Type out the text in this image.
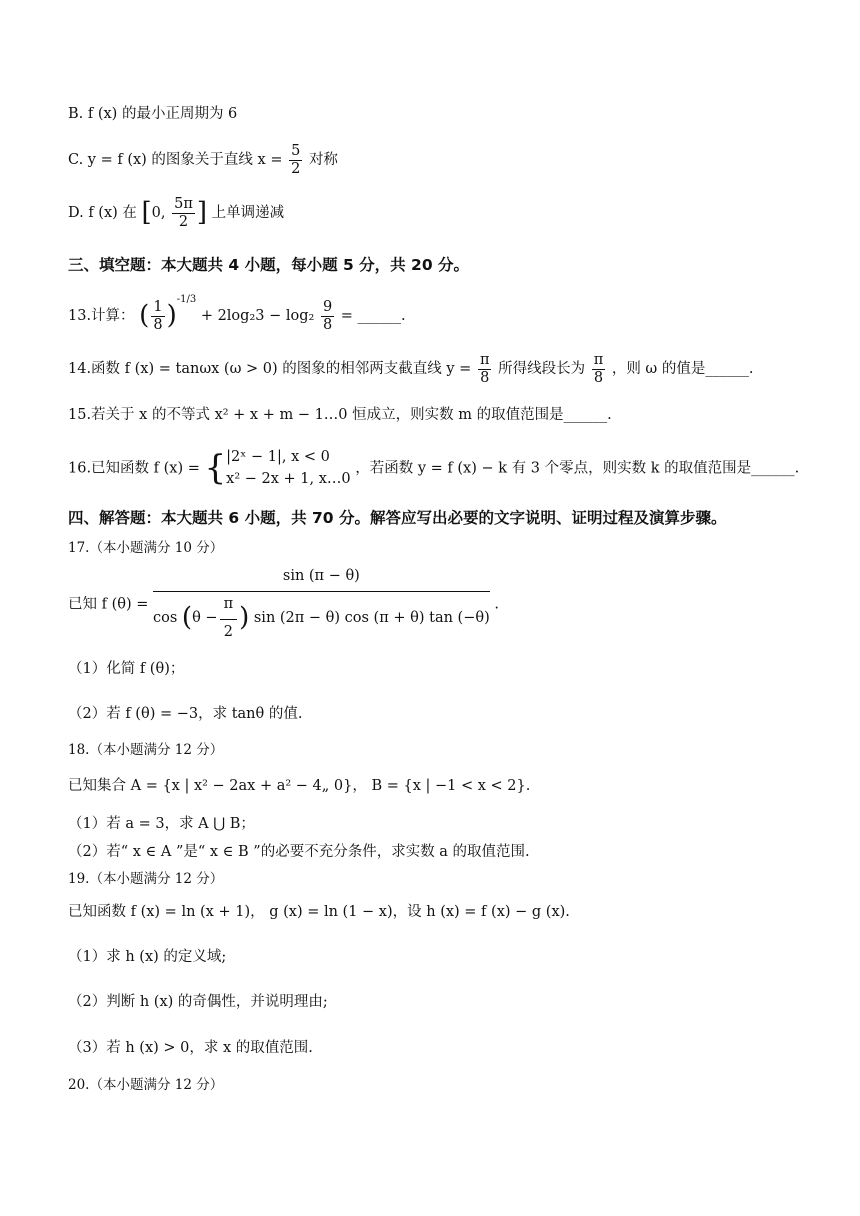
B. f (x) 的最小正周期为 6
C. y = f (x) 的图象关于直线 $x = \frac{5}{2}$ 对称
D. f (x) 在 [0, $\frac{5\pi}{2}$ ] 上单调递减
三、填空题：本大题共 4 小题，每小题 5 分，共 20 分。
13.计算： ( $\frac{1}{8} )^{-1/3} + 2\log_23 - \log_2 \frac{9}{8}$ = ______.
14.函数 f (x) = tanωx (ω > 0) 的图象的相邻两支截直线 $y = \frac{\pi}{8}$ 所得线段长为 $\frac{\pi}{8}$ ，则 ω 的值是______.
15.若关于 x 的不等式 x² + x + m − 1…0 恒成立，则实数 m 的取值范围是______.
16.已知函数 f (x) = { |2ˣ − 1|, x < 0
x² − 2x + 1, x…0
，若函数 y = f (x) − k 有 3 个零点，则实数 k 的取值范围是______.
四、解答题：本大题共 6 小题，共 70 分。解答应写出必要的文字说明、证明过程及演算步骤。
17.（本小题满分 10 分）
已知 f (θ) =
sin (π − θ)
$\cos (\theta - \frac{\pi}{2}$ ) sin (2π − θ) cos (π + θ) tan (−θ)
.
（1）化简 f (θ)；
（2）若 f (θ) = −3，求 tanθ 的值.
18.（本小题满分 12 分）
已知集合 A = {x | x² − 2ax + a² − 4„ 0}， B = {x | −1 < x < 2}.
（1）若 a = 3，求 A ⋃ B；
（2）若“ x ∈ A ”是“ x ∈ B ”的必要不充分条件，求实数 a 的取值范围.
19.（本小题满分 12 分）
已知函数 f (x) = ln (x + 1)， g (x) = ln (1 − x)，设 h (x) = f (x) − g (x).
（1）求 h (x) 的定义域;
（2）判断 h (x) 的奇偶性，并说明理由;
（3）若 h (x) > 0，求 x 的取值范围.
20.（本小题满分 12 分）
